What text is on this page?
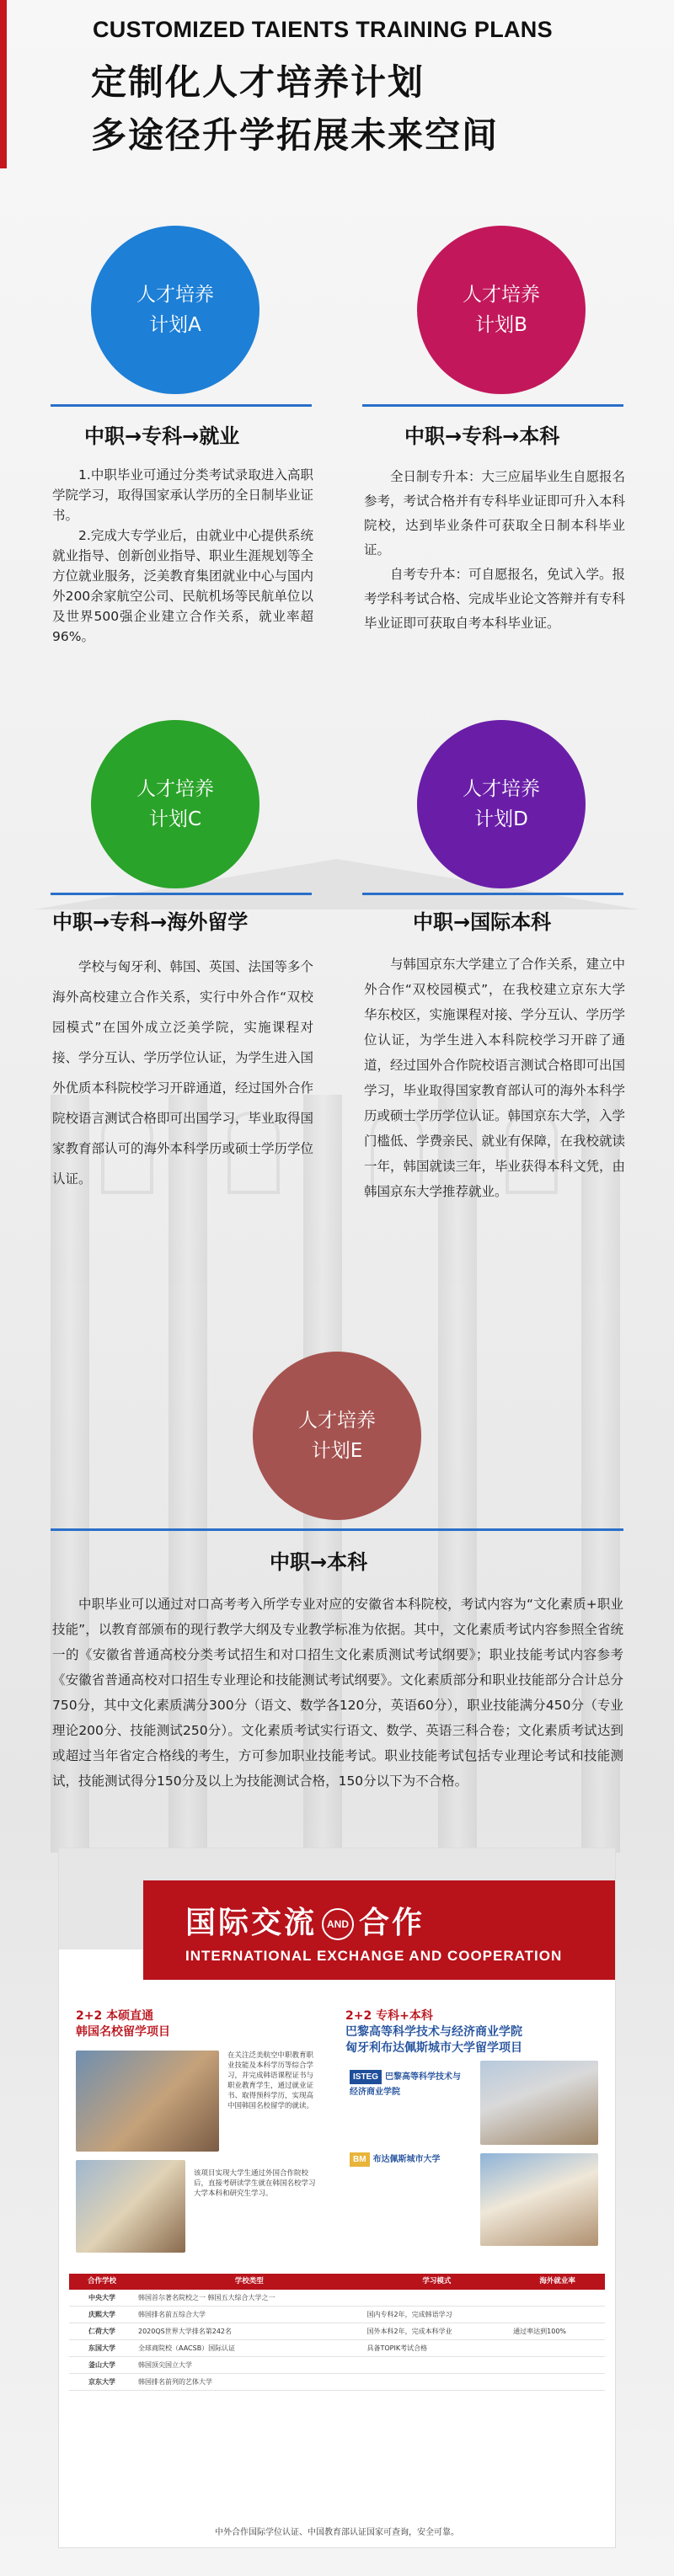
CUSTOMIZED TAIENTS TRAINING PLANS
定制化人才培养计划
多途径升学拓展未来空间
人才培养
计划A
中职→专科→就业

1.中职毕业可通过分类考试录取进入高职学院学习，取得国家承认学历的全日制毕业证书。

2.完成大专学业后，由就业中心提供系统就业指导、创新创业指导、职业生涯规划等全方位就业服务，泛美教育集团就业中心与国内外200余家航空公司、民航机场等民航单位以及世界500强企业建立合作关系，就业率超96%。

人才培养
计划B
中职→专科→本科

全日制专升本：大三应届毕业生自愿报名参考，考试合格并有专科毕业证即可升入本科院校，达到毕业条件可获取全日制本科毕业证。

自考专升本：可自愿报名，免试入学。报考学科考试合格、完成毕业论文答辩并有专科毕业证即可获取自考本科毕业证。

人才培养
计划C
中职→专科→海外留学

学校与匈牙利、韩国、英国、法国等多个海外高校建立合作关系，实行中外合作“双校园模式”在国外成立泛美学院，实施课程对接、学分互认、学历学位认证，为学生进入国外优质本科院校学习开辟通道，经过国外合作院校语言测试合格即可出国学习，毕业取得国家教育部认可的海外本科学历或硕士学历学位认证。

人才培养
计划D
中职→国际本科

与韩国京东大学建立了合作关系，建立中外合作“双校园模式”，在我校建立京东大学华东校区，实施课程对接、学分互认、学历学位认证，为学生进入本科院校学习开辟了通道，经过国外合作院校语言测试合格即可出国学习，毕业取得国家教育部认可的海外本科学历或硕士学历学位认证。韩国京东大学，入学门槛低、学费亲民、就业有保障，在我校就读一年，韩国就读三年，毕业获得本科文凭，由韩国京东大学推荐就业。

人才培养
计划E
中职→本科

中职毕业可以通过对口高考考入所学专业对应的安徽省本科院校，考试内容为“文化素质+职业技能”，以教育部颁布的现行教学大纲及专业教学标准为依据。其中，文化素质考试内容参照全省统一的《安徽省普通高校分类考试招生和对口招生文化素质测试考试纲要》；职业技能考试内容参考《安徽省普通高校对口招生专业理论和技能测试考试纲要》。文化素质部分和职业技能部分合计总分750分，其中文化素质满分300分（语文、数学各120分，英语60分），职业技能满分450分（专业理论200分、技能测试250分）。文化素质考试实行语文、数学、英语三科合卷；文化素质考试达到或超过当年省定合格线的考生，方可参加职业技能考试。职业技能考试包括专业理论考试和技能测试，技能测试得分150分及以上为技能测试合格，150分以下为不合格。

国际交流 AND 合作
INTERNATIONAL EXCHANGE AND COOPERATION
2+2 本硕直通
韩国名校留学项目
在关注泛美航空中职教育职业技能及本科学历等综合学习，并完成韩语课程证书与职业教育学生，通过就业证书、取得预科学历，实现高中国韩国名校留学的就读。
该项目实现大学生通过外国合作院校后，直接考研读学生就在韩国名校学习大学本科和研究生学习。
2+2 专科+本科
巴黎高等科学技术与经济商业学院
匈牙利布达佩斯城市大学留学项目
ISTEG 巴黎高等科学技术与经济商业学院
BM 布达佩斯城市大学
合作学校	学校类型	学习模式	海外就业率
中央大学	韩国首尔著名院校之一 韩国五大综合大学之一		
庆熙大学	韩国排名前五综合大学	国内专科2年，完成韩语学习	
仁荷大学	2020QS世界大学排名第242名	国外本科2年，完成本科学业	通过率达到100%
东国大学	全球商院校（AACSB）国际认证	具备TOPIK考试合格	
釜山大学	韩国顶尖国立大学		
京东大学	韩国排名前列的艺体大学		
中外合作国际学位认证、中国教育部认证国家可查询，安全可靠。
